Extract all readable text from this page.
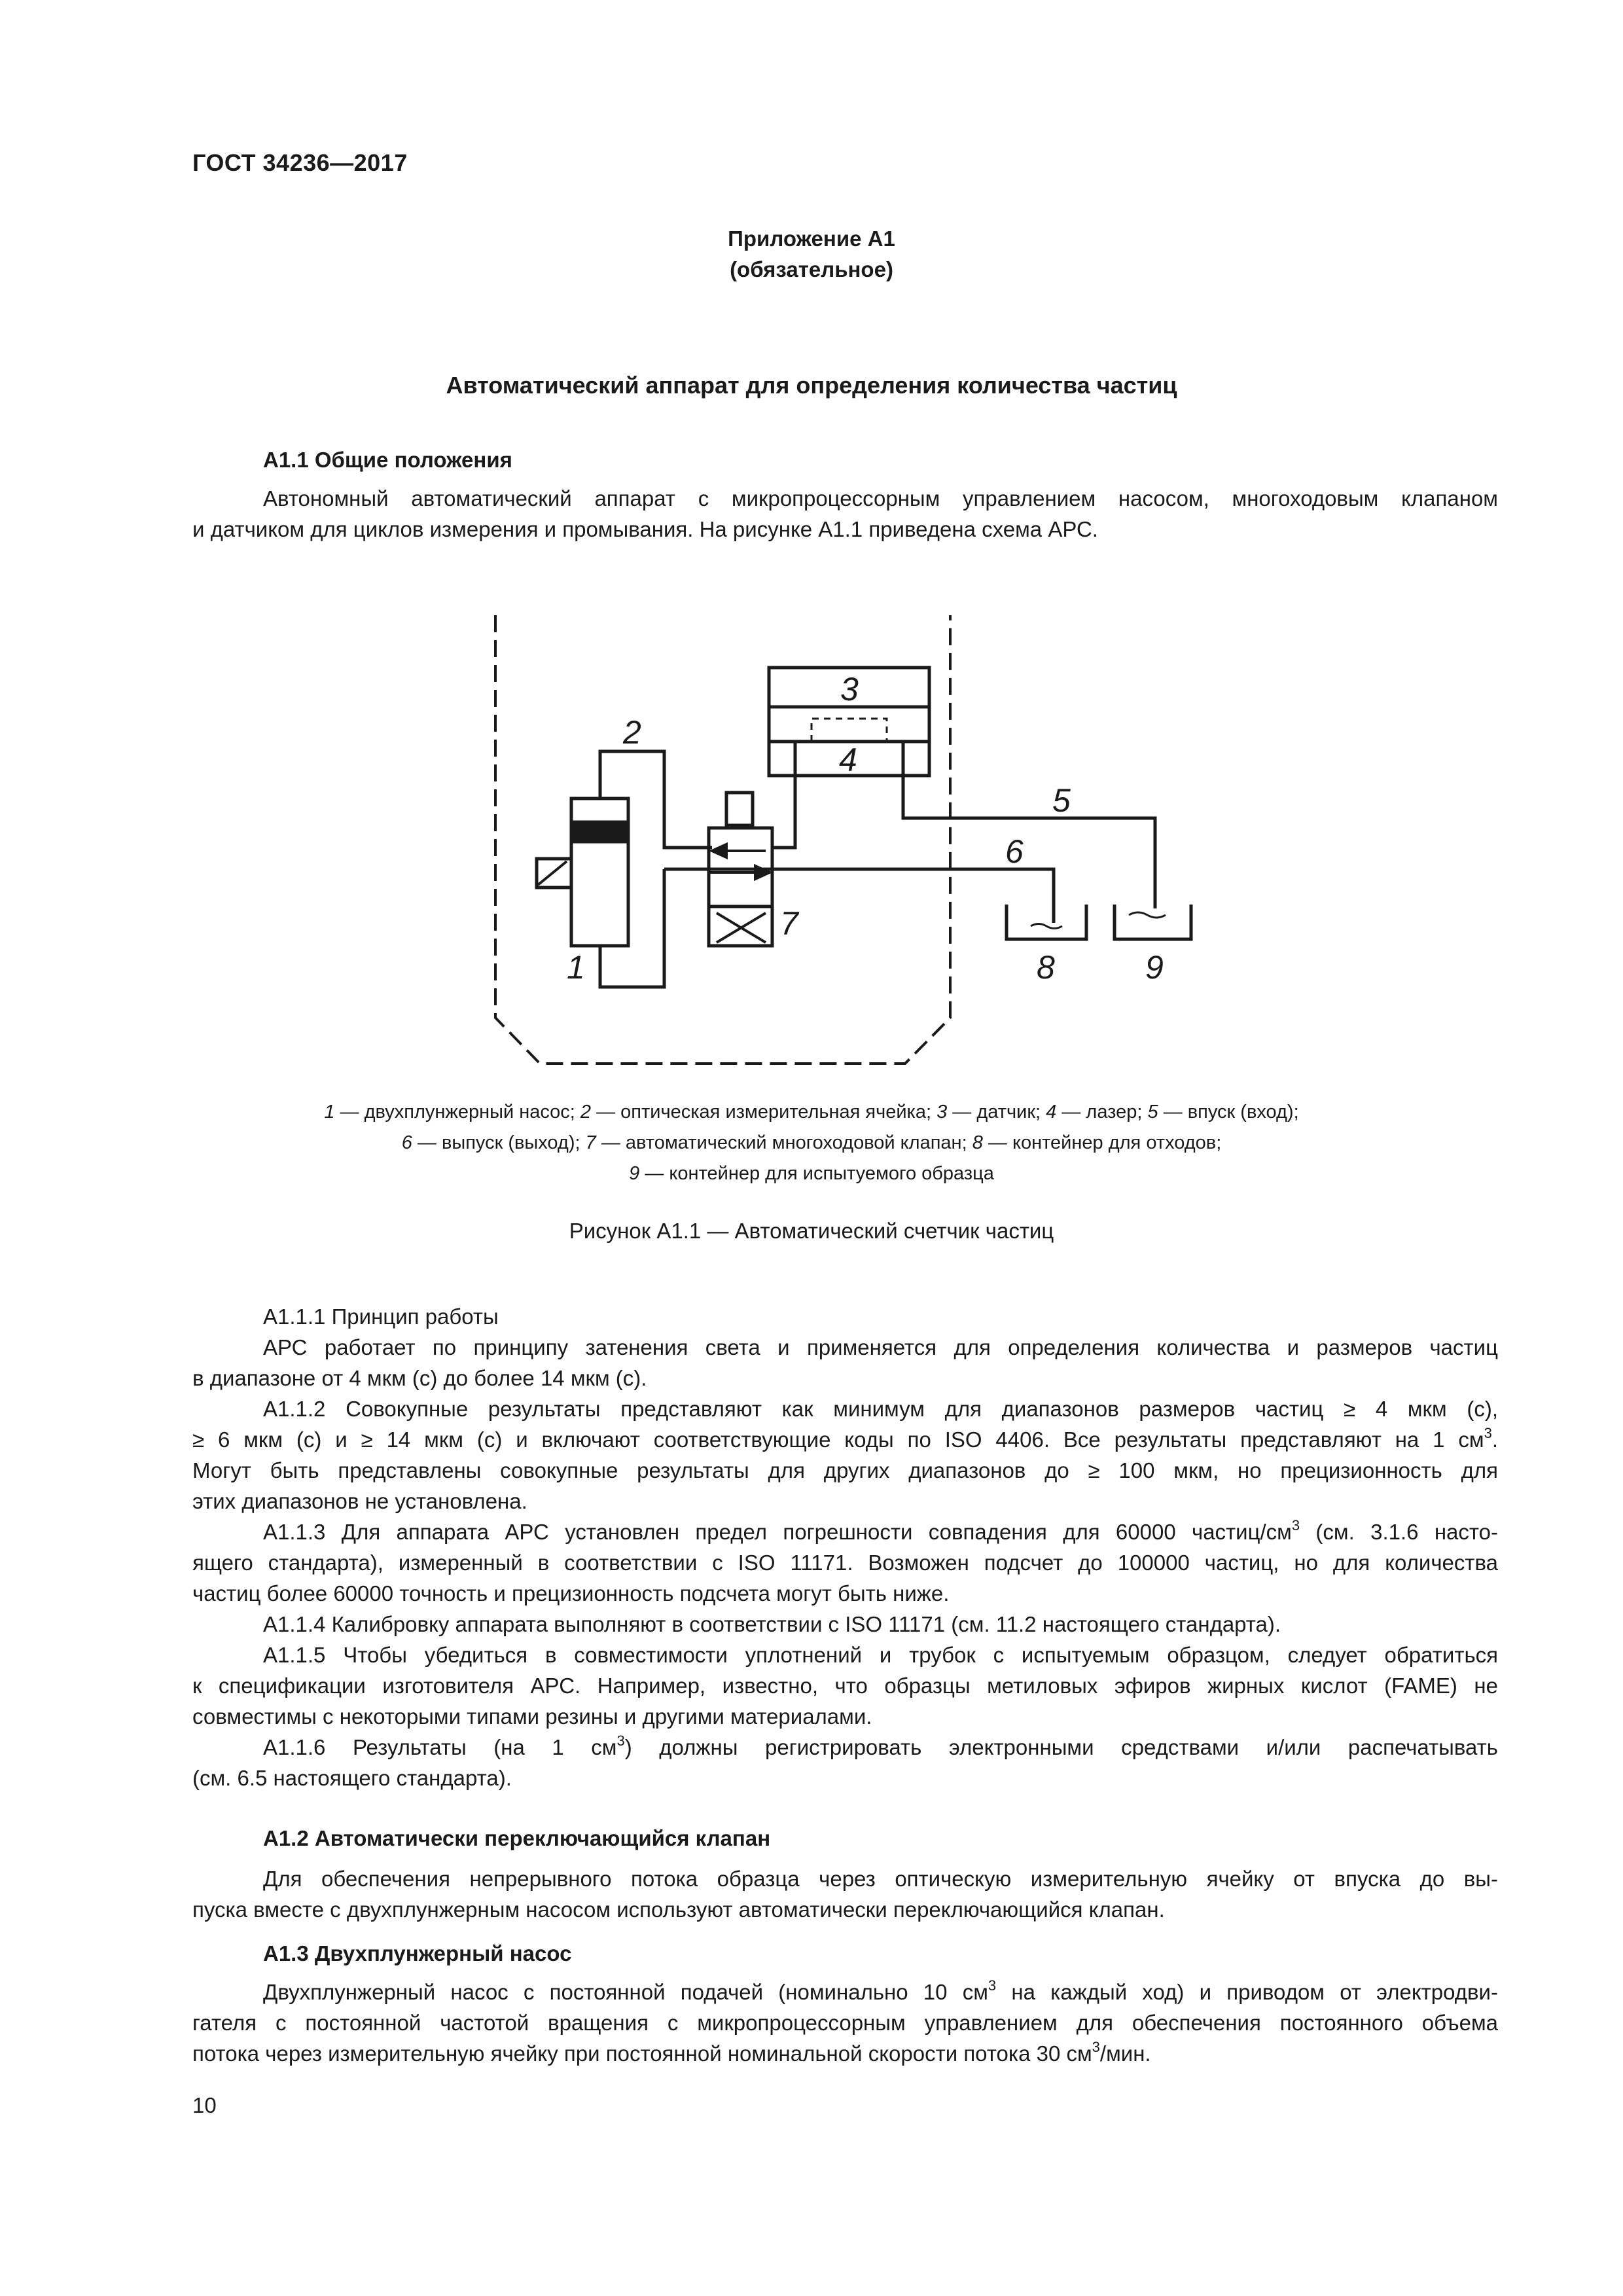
ГОСТ 34236—2017
Приложение А1
(обязательное)
Автоматический аппарат для определения количества частиц
А1.1 Общие положения
Автономный автоматический аппарат с микропроцессорным управлением насосом, многоходовым клапаном
и датчиком для циклов измерения и промывания. На рисунке А1.1 приведена схема АРС.
1
2
3
4
5
6
7
8	9
1 — двухплунжерный насос; 2 — оптическая измерительная ячейка; 3 — датчик; 4 — лазер; 5 — впуск (вход);
6 — выпуск (выход); 7 — автоматический многоходовой клапан; 8 — контейнер для отходов;
9 — контейнер для испытуемого образца
Рисунок А1.1 — Автоматический счетчик частиц
А1.1.1 Принцип работы
АРС работает по принципу затенения света и применяется для определения количества и размеров частиц
в диапазоне от 4 мкм (с) до более 14 мкм (с).
А1.1.2 Совокупные результаты представляют как минимум для диапазонов размеров частиц ≥ 4 мкм (с),
≥ 6 мкм (с) и ≥ 14 мкм (с) и включают соответствующие коды по ISO 4406. Все результаты представляют на 1 $см^3$.
Могут быть представлены совокупные результаты для других диапазонов до ≥ 100 мкм, но прецизионность для
этих диапазонов не установлена.
А1.1.3 Для аппарата АРС установлен предел погрешности совпадения для 60000 частиц/$см^3$ (см. 3.1.6 насто-
ящего стандарта), измеренный в соответствии с ISO 11171. Возможен подсчет до 100000 частиц, но для количества
частиц более 60000 точность и прецизионность подсчета могут быть ниже.
А1.1.4 Калибровку аппарата выполняют в соответствии с ISO 11171 (см. 11.2 настоящего стандарта).
А1.1.5 Чтобы убедиться в совместимости уплотнений и трубок с испытуемым образцом, следует обратиться
к спецификации изготовителя АРС. Например, известно, что образцы метиловых эфиров жирных кислот (FAME) не
совместимы с некоторыми типами резины и другими материалами.
А1.1.6 Результаты (на 1 $см^3$) должны регистрировать электронными средствами и/или распечатывать
(см. 6.5 настоящего стандарта).
А1.2 Автоматически переключающийся клапан
Для обеспечения непрерывного потока образца через оптическую измерительную ячейку от впуска до вы-
пуска вместе с двухплунжерным насосом используют автоматически переключающийся клапан.
А1.3 Двухплунжерный насос
Двухплунжерный насос с постоянной подачей (номинально 10 $см^3$ на каждый ход) и приводом от электродви-
гателя с постоянной частотой вращения с микропроцессорным управлением для обеспечения постоянного объема
потока через измерительную ячейку при постоянной номинальной скорости потока 30 $см^3$/мин.
10
